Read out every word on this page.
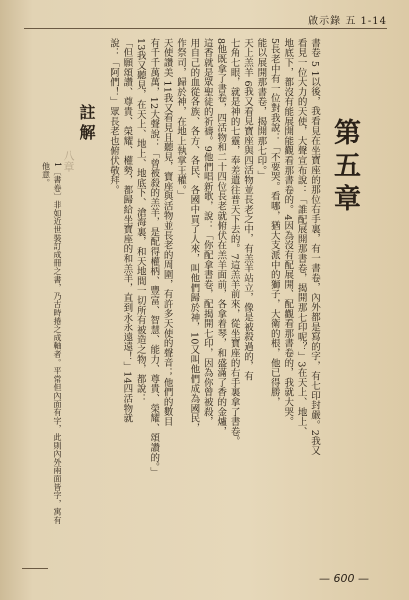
啟示錄 五 1-14
第五章
書卷 5 1以後，我看見在坐寶座的那位右手裏，有一書卷，內外都是寫的字，有七印封嚴。2我又
看見一位大力的天使，大聲宣布說：「誰配展開那書卷，揭開那七印呢？」3在天上、地上、
地底下，都沒有能展開能觀看那書卷的。4因為沒有配展開、配觀看那書卷的，我就大哭。
5長老中有一位對我說：「不要哭。看哪，猶大支派中的獅子，大衛的根，他已得勝，
能以展開那書卷，揭開那七印。」
天上羔羊 6我又看見寶座與四活物並長老之中，有羔羊站立，像是被殺過的，有
七角七眼，就是神的七靈，奉差遣往普天下去的。7這羔羊前來，從坐寶座的右手裏拿了書卷。
8他既拿了書卷，四活物和二十四位長老就俯伏在羔羊面前，各拿着琴，和盛滿了香的金爐，
這香就是眾聖徒的祈禱。9他們唱新歌，說：「你配拿書卷，配揭開七印，因為你曾被殺，
用自己的血從各族、各方、各民、各國中買了人來，叫他們歸於神，10又叫他們成為國民，
作祭司，歸於神，在地上執掌王權。」
天使讚美 11我又看見且聽見，寶座與活物並長老的周圍，有許多天使的聲音；他們的數目
有千千萬萬，12大聲說：「曾被殺的羔羊，是配得權柄、豐富、智慧、能力、尊貴、榮耀、頌讚的。」
13我又聽見，在天上、地上、地底下、滄海裏，和天地間一切所有被造之物，都說：
「但願頌讚、尊貴、榮耀、權勢，都歸給坐寶座的和羔羊，直到永永遠遠！」14四活物就
說：「阿們！」眾長老也俯伏敬拜。
註解
八章
1〔書卷〕非如近世裝訂成冊之書，乃古時捲之成軸者。平常但內面有字，此則內外兩面皆字，寓有
他意。
— 600 —
